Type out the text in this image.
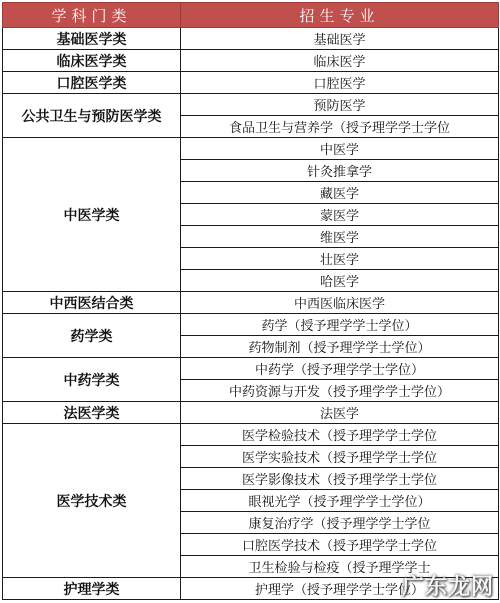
学科门类	招生专业
基础医学类	基础医学
临床医学类	临床医学
口腔医学类	口腔医学
公共卫生与预防医学类	预防医学
	食品卫生与营养学（授予理学学士学位
中医学类	中医学
	针灸推拿学
	藏医学
	蒙医学
	维医学
	壮医学
	哈医学
中西医结合类	中西医临床医学
药学类	药学（授予理学学士学位）
	药物制剂（授予理学学士学位）
中药学类	中药学（授予理学学士学位）
	中药资源与开发（授予理学学士学位）
法医学类	法医学
医学技术类	医学检验技术（授予理学学士学位
	医学实验技术（授予理学学士学位
	医学影像技术（授予理学学士学位
	眼视光学（授予理学学士学位）
	康复治疗学（授予理学学士学位
	口腔医学技术（授予理学学士学位
	卫生检验与检疫（授予理学学士
护理学类	护理学（授予理学学士学位）
广东龙网
